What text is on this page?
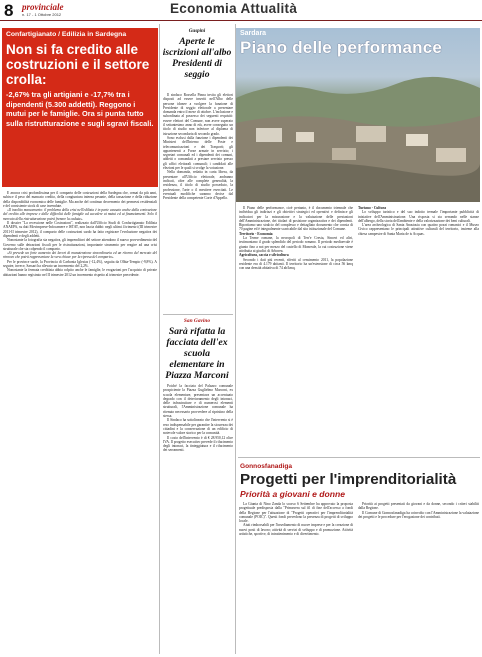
8 provinciale
n. 17 - 1 Ottobre 2012	Economia Attualità
Confartigianato / Edilizia in Sardegna
Non si fa credito alle costruzioni e il settore crolla:
-2,67% tra gli artigiani e -17,7% tra i dipendenti (5.300 addetti). Reggono i mutui per le famiglie. Ora si punta tutto sulla ristrutturazione e sugli sgravi fiscali.

E ancora crisi profondissima per il comparto delle costruzioni della Sardegna che, ormai da più anni, subisce il peso del mancato credito, della congiuntura interna pesante, della tassazione e della riduzione della disponibilità economica delle famiglie. Ma anche del continuo decremento dei permessi residenziali e del consistente stock di case invendute.

«Il insolito mancamento: il problema della crisi nell'edilizia è in parte causato anche dalla contrazione del credito alle imprese e dalle difficoltà delle famiglie ad accedere ai mutui ed ai finanziamenti. Solo il mercato della ristrutturazione potrà frenare la caduta».

Il dossier "La recessione nelle Costruzioni", realizzato dall'Ufficio Studi di Confartigianato Edilizia ANAEPA, su dati Movimprese-Infocamere e ISTAT, non lascia dubbi: negli ultimi 4 trimestri (III trimestre 2011-II trimestre 2012), il comparto delle costruzioni sardo ha fatto registrare l'evoluzione negativa dei dipendenti e degli addetti.

Nonostante la fotografia sia negativa, gli imprenditori del settore attendono il nuovo provvedimento del Governo sulle detrazioni fiscali per le ristrutturazioni, importante strumento per reagire ad una crisi strutturale che sta colpendo il comparto.

«Si prevede un forte aumento dei lavori di manutenzione straordinaria ed un ritorno del mercato del rinnovo che potrà rappresentare la vera chiave per la ripresa del comparto».

Per le province sarde, la Provincia di Carbonia Iglesias (-12,4%), seguita da Olbia-Tempio (-9,8%). A seguire, invece, Sassari ha rilevato un incremento del 2,2%.

Nonostante la fermata creditizia abbia colpito anche le famiglie, le erogazioni per l'acquisto di private abitazioni hanno registrato nel II trimestre 2012 un incremento rispetto al trimestre precedente.

Guspini
Aperte le iscrizioni all'albo Presidenti di seggio

Il sindaco Rossella Pinna invita gli elettori disposti ad essere inseriti nell'Albo delle persone idonee a svolgere la funzione di Presidente di seggio elettorale a presentare domanda entro il mese di ottobre. L'inclusione e subordinata al possesso dei seguenti requisiti: essere elettori del Comune, non avere superato il settantesimo anno di età, avere conseguito un titolo di studio non inferiore al diploma di istruzione secondaria di secondo grado.

Sono esclusi dalla funzione i dipendenti dei Ministeri dell'Interno delle Poste e telecomunicazioni e dei Trasporti; gli appartenenti a Forze armate in servizio; i segretari comunali ed i dipendenti dei comuni, addetti o comandati a prestare servizio presso gli uffici elettorali comunali; i candidati alle elezioni per le quali si svolge la votazione.

Nella domanda, redatta in carta libera, da presentare all'Ufficio elettorale, andranno indicati, oltre alle complete generalità, la residenza, il titolo di studio posseduto, la professione, l'arte o il mestiere esercitati. Le eventuali modifiche saranno decise dal Presidente della competente Corte d'Appello.

San Gavino
Sarà rifatta la facciata dell'ex scuola elementare in Piazza Marconi

Poiché la facciata del Palazzo comunale prospiciente la Piazza Guglielmo Marconi, ex scuola elementare, presentava un accentuato degrado con il deterioramento degli intonaci, delle infrastrutture e di numerosi elementi strutturali, l'Amministrazione comunale ha ritenuto necessario provvedere al ripristino della stessa.

Il Sindaco ha sottolineato che l'intervento si è reso indispensabile per garantire la sicurezza dei cittadini e la conservazione di un edificio di notevole valore storico per la comunità.

Il costo dell'intervento è di € 28.950,12 oltre IVA. Il progetto esecutivo prevede il rifacimento degli intonaci, la tinteggiatura e il rifacimento dei serramenti.

Sardara
Piano delle performance

Il Piano delle performance, cioè pertanto, è il documento triennale che individua gli indirizzi e gli obiettivi strategici ed operativi e definisce gli indicatori per la misurazione e la valutazione delle prestazioni dell'Amministrazione, dei titolari di posizione organizzativa e dei dipendenti. Riportiamo uno stralcio del complesso e dettagliato documento che consta di 70 pagine ed è integralmente scaricabile dal sito istituzionale del Comune.

Territorio - Economia

La Terme romane, la necropoli di Terr'e Cresia, Sinceri ed altri, testimoniano il grado splendido del periodo romano. Il periodo medioevale è giunto fino a noi per mezzo del castello di Monreale, la cui costruzione viene attribuita ai giudici di Arborea.

Agricoltura, caccia e silvicoltura

Secondo i dati più recenti, riferiti al censimento 2011, la popolazione residente era di 4.179 abitanti. Il territorio ha un'estensione di circa 56 kmq con una densità abitativa di 74 ab/kmq.

Turismo - Cultura

Lo sviluppo turistico e del suo indotto termale l'importante pubblicità di iniziative dell'Amministrazione. Una risposta si sta serrando nelle stanze dell'albergo, della storia dell'ambiente e della valorizzazione dei beni culturali.

L'area archeologica di Santa Anastasia con quattro pozzi romanici e il Museo Civico rappresentano le principali attrattive culturali del territorio, insieme alla chiesa campestre di Santa Maria de is Acquas.

Gonnosfanadiga
Progetti per l'imprenditorialità
Priorità a giovani e donne

La Giunta di Nino Zanda lo scorso 6 Settembre ha approvato la proposta progettuale predisposta dalla "Primavera sul fil di fine dell'accesso a fondi della Regione per l'attuazione di "Progetti operativi per l'imprenditorialità comunale (POIC)". Questi fondi prevedono la presenza di progetti di sviluppo locale.

Aiuti rimborsabili per l'insediamento di nuove imprese e per la creazione di nuovi posti di lavoro; attività di servizi di sviluppo e di promozione. Attività artistiche, sportive, di intrattenimento e di divertimento.

Priorità ai progetti presentati da giovani e da donne, secondo i criteri stabiliti dalla Regione.

Il Comune di Gonnosfanadiga ha coinvolto con l'Amministrazione la valutazione dei progetti e le procedure per l'erogazione dei contributi.
